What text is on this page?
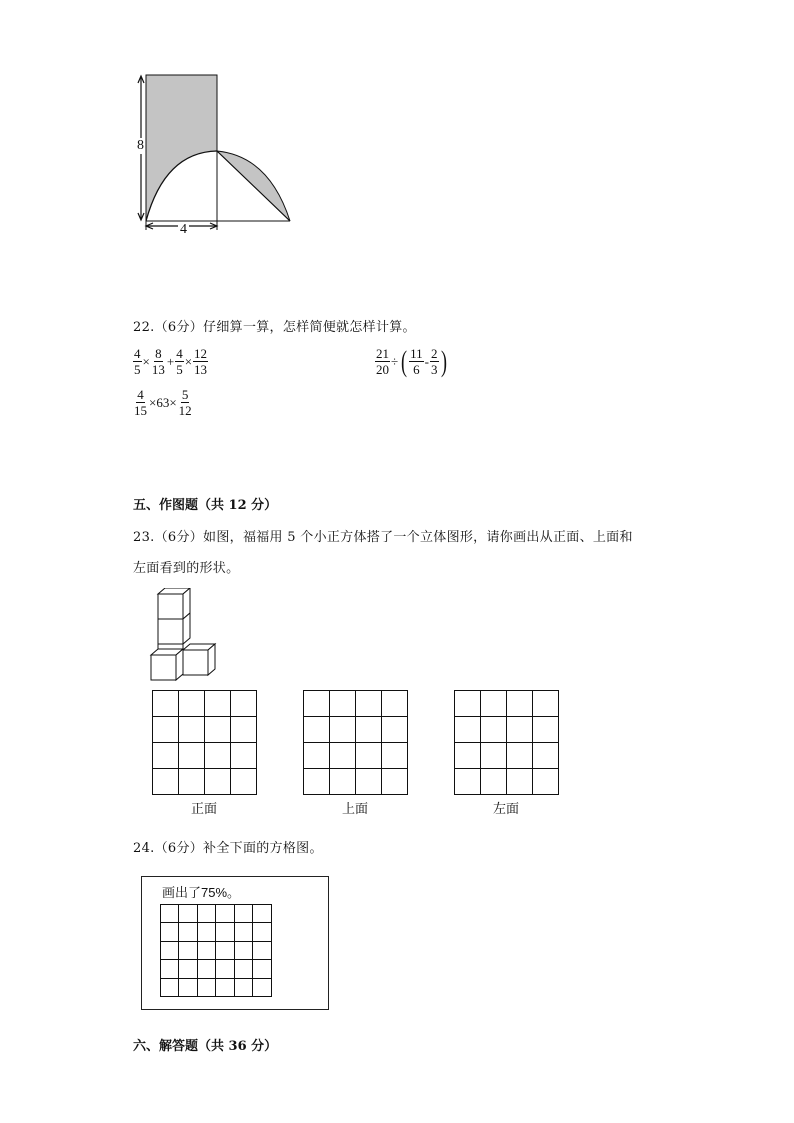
8
4
22.（6分）仔细算一算，怎样简便就怎样计算。
$\frac{4}{5} \times \frac{8}{13} + \frac{4}{5} \times \frac{12}{13}$	$\frac{21}{20}$ ÷ ( $\frac{11}{6} - \frac{2}{3}$ )
$\frac{4}{15} \times 63\times \frac{5}{12}$
五、作图题（共 12 分）
23.（6分）如图，福福用 5 个小正方体搭了一个立体图形，请你画出从正面、上面和
左面看到的形状。
正面	上面	左面
24.（6分）补全下面的方格图。
画出了75%。
六、解答题（共 36 分）
